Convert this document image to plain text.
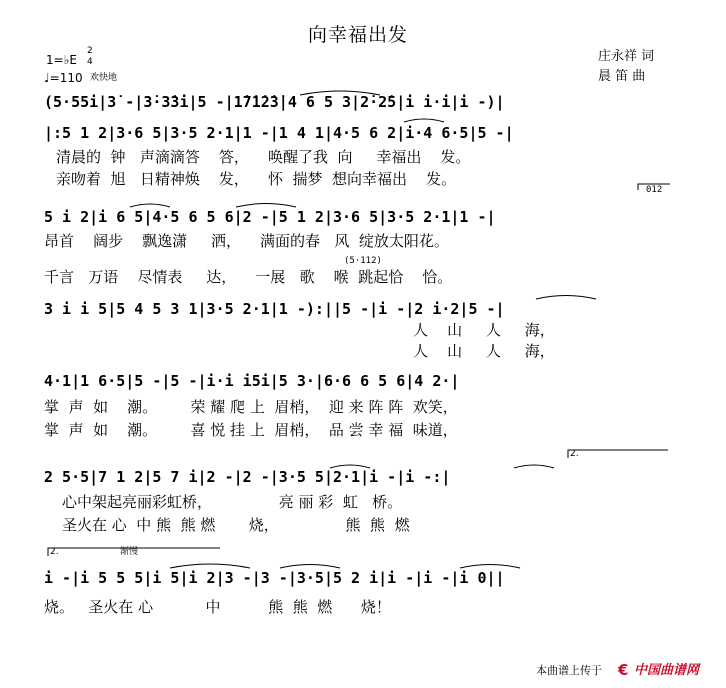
向幸福出发
庄永祥 词
晨 笛 曲
1=♭E
2
4
♩=110 欢快地
(5·55i|3̇ -|3̇·3̇3̇i|5 -|1̇7̇1̇2̇3̇|4 6 5 3|2̇·2̇5|i i·i|i -)|
|:5 1 2|3·6 5|3·5 2·1|1 -|1 4 1|4·5 6 2|i·4 6·5|5 -|
012
清晨的  钟   声滴滴答    答，    唤醒了我  向     幸福出    发。
亲吻着  旭   日精神焕    发，    怀  揣梦  想向幸福出    发。
5 i 2|i 6 5|4·5 6 5 6|2 -|5 1 2|3·6 5|3·5 2·1|1 -|
昂首    阔步    飘逸潇     洒，    满面的春   风  绽放太阳花。
(5·112)
千言   万语    尽情表     达，    一展   歌    喉  跳起恰    恰。
3 i i 5|5 4 5 3 1|3·5 2·1|1 -):||5 -|i -|2 i·2|5 -|
人    山     人     海，
人    山     人     海，
4·1|1 6·5|5 -|5 -|i·i i5i|5 3·|6·6 6 5 6|4 2·|
掌  声  如    潮。       荣 耀 爬 上  眉梢，  迎 来 阵 阵  欢笑，
掌  声  如    潮。       喜 悦 挂 上  眉梢，  品 尝 幸 福  味道，
2.
2 5·5|7 1 2|5 7 i|2 -|2 -|3·5 5|2·1|i -|i -:|
心中架起亮丽彩虹桥，              亮 丽 彩  虹   桥。
圣火在 心  中 熊  熊 燃       烧，              熊  熊  燃
2.	渐慢
i -|i 5 5 5|i 5|i 2|3 -|3 -|3·5|5 2 i|i -|i -|i 0||
烧。   圣火在 心           中          熊  熊  燃      烧！
本曲谱上传于 € 中国曲谱网
